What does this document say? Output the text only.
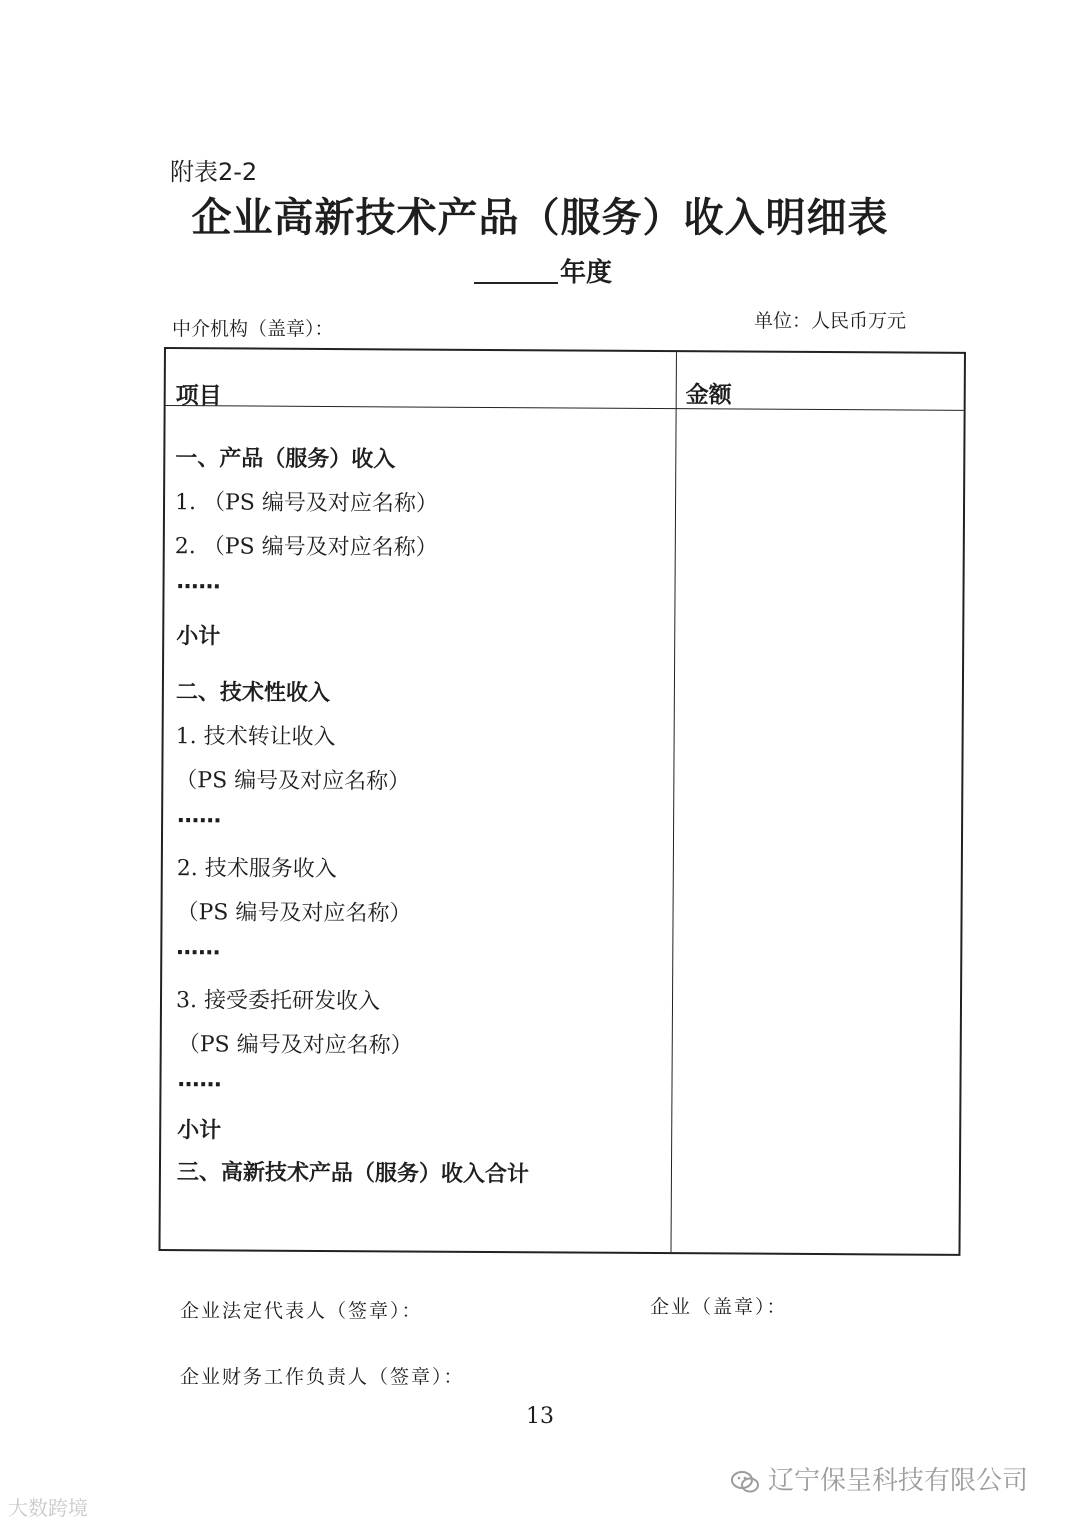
附表2-2
企业高新技术产品（服务）收入明细表
年度
中介机构（盖章）：	单位：人民币万元
项目	金额
一、产品（服务）收入
1. （PS 编号及对应名称）
2. （PS 编号及对应名称）
……
小计
二、技术性收入
1. 技术转让收入
（PS 编号及对应名称）
……
2. 技术服务收入
（PS 编号及对应名称）
……
3. 接受委托研发收入
（PS 编号及对应名称）
……
小计
三、高新技术产品（服务）收入合计
企业法定代表人（签章）：	企业（盖章）：
企业财务工作负责人（签章）：
13
大数跨境
辽宁保呈科技有限公司
